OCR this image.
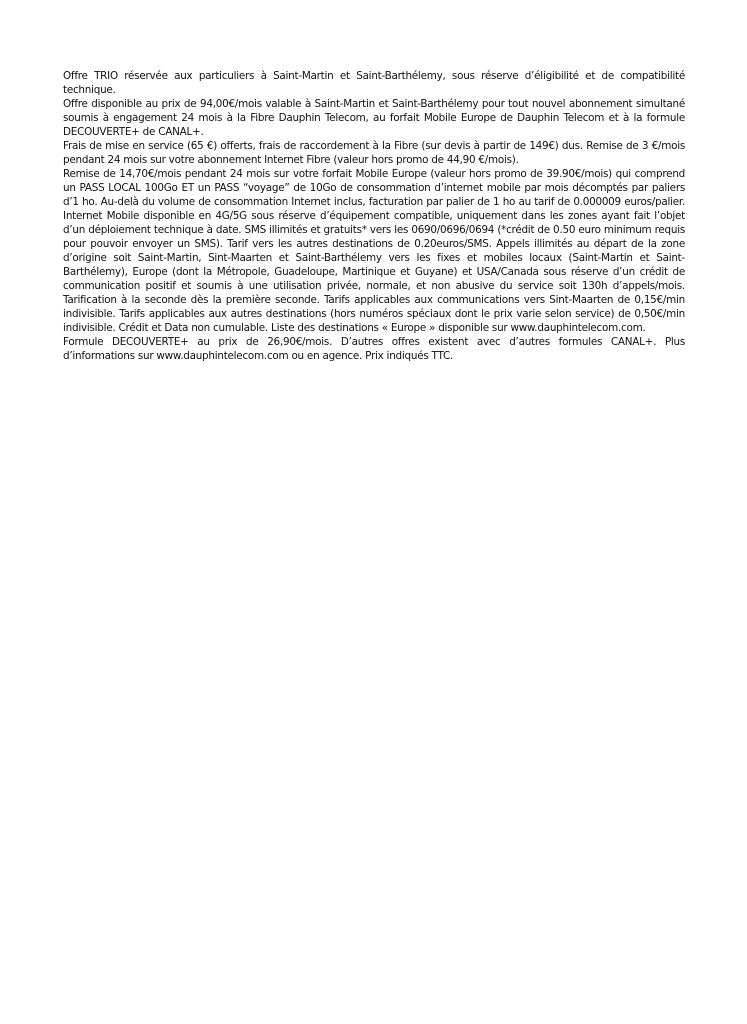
Offre TRIO réservée aux particuliers à Saint-Martin et Saint-Barthélemy, sous réserve d’éligibilité et de compatibilité technique.

Offre disponible au prix de 94,00€/mois valable à Saint-Martin et Saint-Barthélemy pour tout nouvel abonnement simultané soumis à engagement 24 mois à la Fibre Dauphin Telecom, au forfait Mobile Europe de Dauphin Telecom et à la formule DECOUVERTE+ de CANAL+.

Frais de mise en service (65 €) offerts, frais de raccordement à la Fibre (sur devis à partir de 149€) dus. Remise de 3 €/mois pendant 24 mois sur votre abonnement Internet Fibre (valeur hors promo de 44,90 €/mois).

Remise de 14,70€/mois pendant 24 mois sur votre forfait Mobile Europe (valeur hors promo de 39.90€/mois) qui comprend un PASS LOCAL 100Go ET un PASS “voyage” de 10Go de consommation d’internet mobile par mois décomptés par paliers d’1 ho. Au-delà du volume de consommation Internet inclus, facturation par palier de 1 ho au tarif de 0.000009 euros/palier. Internet Mobile disponible en 4G/5G sous réserve d’équipement compatible, uniquement dans les zones ayant fait l’objet d’un déploiement technique à date. SMS illimités et gratuits* vers les 0690/0696/0694 (*crédit de 0.50 euro minimum requis pour pouvoir envoyer un SMS). Tarif vers les autres destinations de 0.20euros/SMS. Appels illimités au départ de la zone d’origine soit Saint-Martin, Sint-Maarten et Saint-Barthélemy vers les fixes et mobiles locaux (Saint-Martin et Saint-Barthélemy), Europe (dont la Métropole, Guadeloupe, Martinique et Guyane) et USA/Canada sous réserve d’un crédit de communication positif et soumis à une utilisation privée, normale, et non abusive du service soit 130h d’appels/mois. Tarification à la seconde dès la première seconde. Tarifs applicables aux communications vers Sint-Maarten de 0,15€/min indivisible. Tarifs applicables aux autres destinations (hors numéros spéciaux dont le prix varie selon service) de 0,50€/min indivisible. Crédit et Data non cumulable. Liste des destinations « Europe » disponible sur www.dauphintelecom.com.

Formule DECOUVERTE+ au prix de 26,90€/mois. D’autres offres existent avec d’autres formules CANAL+. Plus d’informations sur www.dauphintelecom.com ou en agence. Prix indiqués TTC.
